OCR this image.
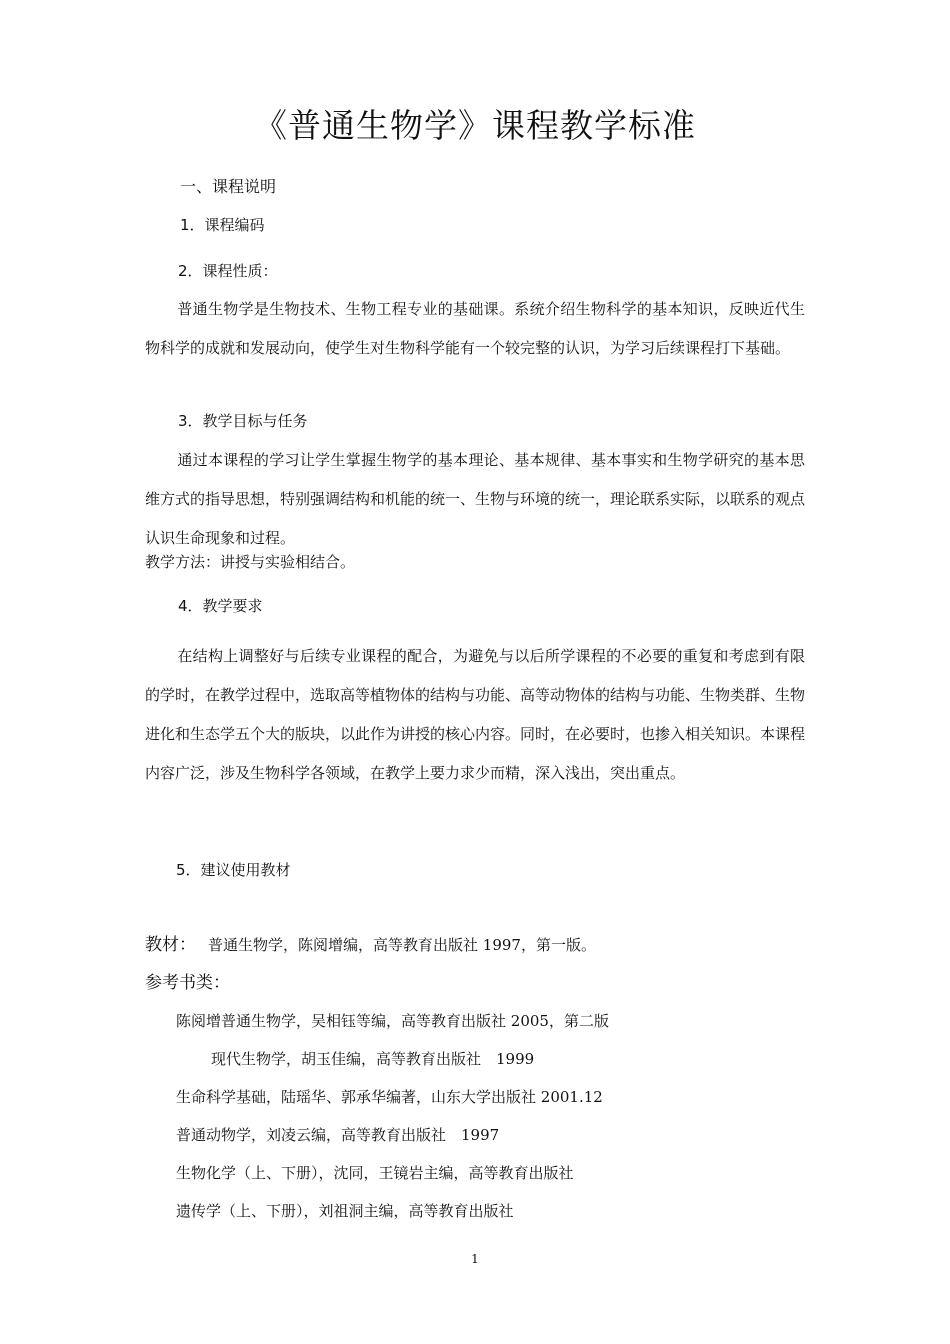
《普通生物学》课程教学标准
一、课程说明
1．课程编码
2．课程性质：
普通生物学是生物技术、生物工程专业的基础课。系统介绍生物科学的基本知识，反映近代生物科学的成就和发展动向，使学生对生物科学能有一个较完整的认识，为学习后续课程打下基础。
3．教学目标与任务
通过本课程的学习让学生掌握生物学的基本理论、基本规律、基本事实和生物学研究的基本思维方式的指导思想，特别强调结构和机能的统一、生物与环境的统一，理论联系实际，以联系的观点认识生命现象和过程。
教学方法：讲授与实验相结合。
4．教学要求
在结构上调整好与后续专业课程的配合，为避免与以后所学课程的不必要的重复和考虑到有限的学时，在教学过程中，选取高等植物体的结构与功能、高等动物体的结构与功能、生物类群、生物进化和生态学五个大的版块，以此作为讲授的核心内容。同时，在必要时，也掺入相关知识。本课程内容广泛，涉及生物科学各领域，在教学上要力求少而精，深入浅出，突出重点。
5．建议使用教材
教材： 普通生物学，陈阅增编，高等教育出版社 1997，第一版。
参考书类：
陈阅增普通生物学，吴相钰等编，高等教育出版社 2005，第二版
现代生物学，胡玉佳编，高等教育出版社　1999
生命科学基础，陆瑶华、郭承华编著，山东大学出版社 2001.12
普通动物学，刘凌云编，高等教育出版社　1997
生物化学（上、下册），沈同，王镜岩主编，高等教育出版社
遗传学（上、下册），刘祖洞主编，高等教育出版社
1
